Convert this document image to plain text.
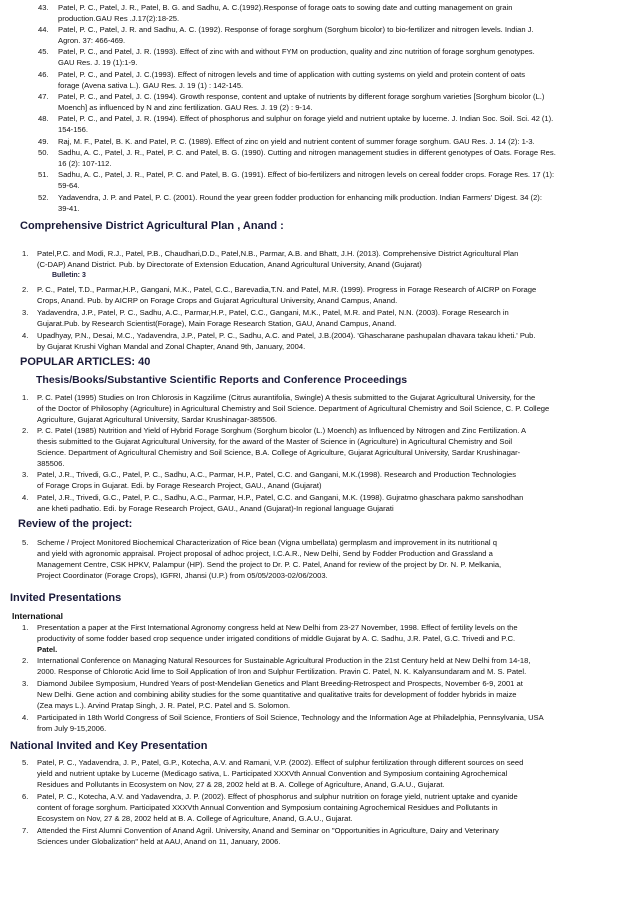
43. Patel, P. C., Patel, J. R., Patel, B. G. and Sadhu, A. C.(1992).Response of forage oats to sowing date and cutting management on grain
production.GAU Res .J.17(2):18-25.
44. Patel, P. C., Patel, J. R. and Sadhu, A. C. (1992). Response of forage sorghum (Sorghum bicolor) to bio-fertilizer and nitrogen levels. Indian J.
Agron. 37: 466-469.
45. Patel, P. C., and Patel, J. R. (1993). Effect of zinc with and without FYM on production, quality and zinc nutrition of forage sorghum genotypes.
GAU Res. J. 19 (1):1-9.
46. Patel, P. C., and Patel, J. C.(1993). Effect of nitrogen levels and time of application with cutting systems on yield and protein content of oats
forage (Avena sativa L.). GAU Res. J. 19 (1) : 142-145.
47. Patel, P. C., and Patel, J. C. (1994). Growth response, content and uptake of nutrients by different forage sorghum varieties [Sorghum bicolor (L.)
Moench] as influenced by N and zinc fertilization. GAU Res. J. 19 (2) : 9-14.
48. Patel, P. C., and Patel, J. R. (1994). Effect of phosphorus and sulphur on forage yield and nutrient uptake by lucerne. J. Indian Soc. Soil. Sci. 42 (1).
154-156.
49. Raj, M. F., Patel, B. K. and Patel, P. C. (1989). Effect of zinc on yield and nutrient content of summer forage sorghum. GAU Res. J. 14 (2): 1-3.
50. Sadhu, A. C., Patel, J. R., Patel, P. C. and Patel, B. G. (1990). Cutting and nitrogen management studies in different genotypes of Oats. Forage Res.
16 (2): 107-112.
51. Sadhu, A. C., Patel, J. R., Patel, P. C. and Patel, B. G. (1991). Effect of bio-fertilizers and nitrogen levels on cereal fodder crops. Forage Res. 17 (1):
59-64.
52. Yadavendra, J. P. and Patel, P. C. (2001). Round the year green fodder production for enhancing milk production. Indian Farmers' Digest. 34 (2):
39-41.
Comprehensive District Agricultural Plan , Anand :
1. Patel,P.C. and Modi, R.J., Patel, P.B., Chaudhari,D.D., Patel,N.B., Parmar, A.B. and Bhatt, J.H. (2013). Comprehensive District Agricultural Plan
(C-DAP) Anand District. Pub. by Directorate of Extension Education, Anand Agricultural University, Anand (Gujarat)
Bulletin: 3
2. P. C., Patel, T.D., Parmar,H.P., Gangani, M.K., Patel, C.C., Barevadia,T.N. and Patel, M.R. (1999). Progress in Forage Research of AICRP on Forage
Crops, Anand. Pub. by AICRP on Forage Crops and Gujarat Agricultural University, Anand Campus, Anand.
3. Yadavendra, J.P., Patel, P. C., Sadhu, A.C., Parmar,H.P., Patel, C.C., Gangani, M.K., Patel, M.R. and Patel, N.N. (2003). Forage Research in
Gujarat.Pub. by Research Scientist(Forage), Main Forage Research Station, GAU, Anand Campus, Anand.
4. Upadhyay, P.N., Desai, M.C., Yadavendra, J.P., Patel, P. C., Sadhu, A.C. and Patel, J.B.(2004). 'Ghascharane pashupalan dhavara takau kheti.' Pub.
by Gujarat Krushi Vighan Mandal and Zonal Chapter, Anand 9th, January, 2004.
POPULAR ARTICLES: 40
Thesis/Books/Substantive Scientific Reports and Conference Proceedings
1. P. C. Patel (1995) Studies on Iron Chlorosis in Kagzilime (Citrus aurantifolia, Swingle) A thesis submitted to the Gujarat Agricultural University, for the
of the Doctor of Philosophy (Agriculture) in Agricultural Chemistry and Soil Science. Department of Agricultural Chemistry and Soil Science, C. P. College
Agriculture, Gujarat Agricultural University, Sardar Krushinagar-385506.
2. P. C. Patel (1985) Nutrition and Yield of Hybrid Forage Sorghum (Sorghum bicolor (L.) Moench) as Influenced by Nitrogen and Zinc Fertilization. A
thesis submitted to the Gujarat Agricultural University, for the award of the Master of Science in (Agriculture) in Agricultural Chemistry and Soil
Science. Department of Agricultural Chemistry and Soil Science, B.A. College of Agriculture, Gujarat Agricultural University, Sardar Krushinagar-
385506.
3. Patel, J.R., Trivedi, G.C., Patel, P. C., Sadhu, A.C., Parmar, H.P., Patel, C.C. and Gangani, M.K.(1998). Research and Production Technologies
of Forage Crops in Gujarat. Edi. by Forage Research Project, GAU., Anand (Gujarat)
4. Patel, J.R., Trivedi, G.C., Patel, P. C., Sadhu, A.C., Parmar, H.P., Patel, C.C. and Gangani, M.K. (1998). Gujratmo ghaschara pakmo sanshodhan
ane kheti padhatio. Edi. by Forage Research Project, GAU., Anand (Gujarat)-In regional language Gujarati
Review of the project:
5. Scheme / Project Monitored Biochemical Characterization of Rice bean (Vigna umbellata) germplasm and improvement in its nutritional q
and yield with agronomic appraisal. Project proposal of adhoc project, I.C.A.R., New Delhi, Send by Fodder Production and Grassland a
Management Centre, CSK HPKV, Palampur (HP). Send the project to Dr. P. C. Patel, Anand for review of the project by Dr. N. P. Melkania,
Project Coordinator (Forage Crops), IGFRI, Jhansi (U.P.) from 05/05/2003-02/06/2003.
Invited Presentations
International
1. Presentation a paper at the First International Agronomy congress held at New Delhi from 23-27 November, 1998. Effect of fertility levels on the
productivity of some fodder based crop sequence under irrigated conditions of middle Gujarat by A. C. Sadhu, J.R. Patel, G.C. Trivedi and P.C.
Patel.
2. International Conference on Managing Natural Resources for Sustainable Agricultural Production in the 21st Century held at New Delhi from 14-18,
2000. Response of Chlorotic Acid lime to Soil Application of Iron and Sulphur Fertilization. Pravin C. Patel, N. K. Kalyansundaram and M. S. Patel.
3. Diamond Jubilee Symposium, Hundred Years of post-Mendelian Genetics and Plant Breeding-Retrospect and Prospects, November 6-9, 2001 at
New Delhi. Gene action and combining ability studies for the some quantitative and qualitative traits for development of fodder hybrids in maize
(Zea mays L.). Arvind Pratap Singh, J. R. Patel, P.C. Patel and S. Solomon.
4. Participated in 18th World Congress of Soil Science, Frontiers of Soil Science, Technology and the Information Age at Philadelphia, Pennsylvania, USA
from July 9-15,2006.
National Invited and Key Presentation
5. Patel, P. C., Yadavendra, J. P., Patel, G.P., Kotecha, A.V. and Ramani, V.P. (2002). Effect of sulphur fertilization through different sources on seed
yield and nutrient uptake by Lucerne (Medicago sativa, L. Participated XXXVth Annual Convention and Symposium containing Agrochemical
Residues and Pollutants in Ecosystem on Nov, 27 & 28, 2002 held at B. A. College of Agriculture, Anand, G.A.U., Gujarat.
6. Patel, P. C., Kotecha, A.V. and Yadavendra, J. P. (2002). Effect of phosphorus and sulphur nutrition on forage yield, nutrient uptake and cyanide
content of forage sorghum. Participated XXXVth Annual Convention and Symposium containing Agrochemical Residues and Pollutants in
Ecosystem on Nov, 27 & 28, 2002 held at B. A. College of Agriculture, Anand, G.A.U., Gujarat.
7. Attended the First Alumni Convention of Anand Agril. University, Anand and Seminar on "Opportunities in Agriculture, Dairy and Veterinary
Sciences under Globalization" held at AAU, Anand on 11, January, 2006.
